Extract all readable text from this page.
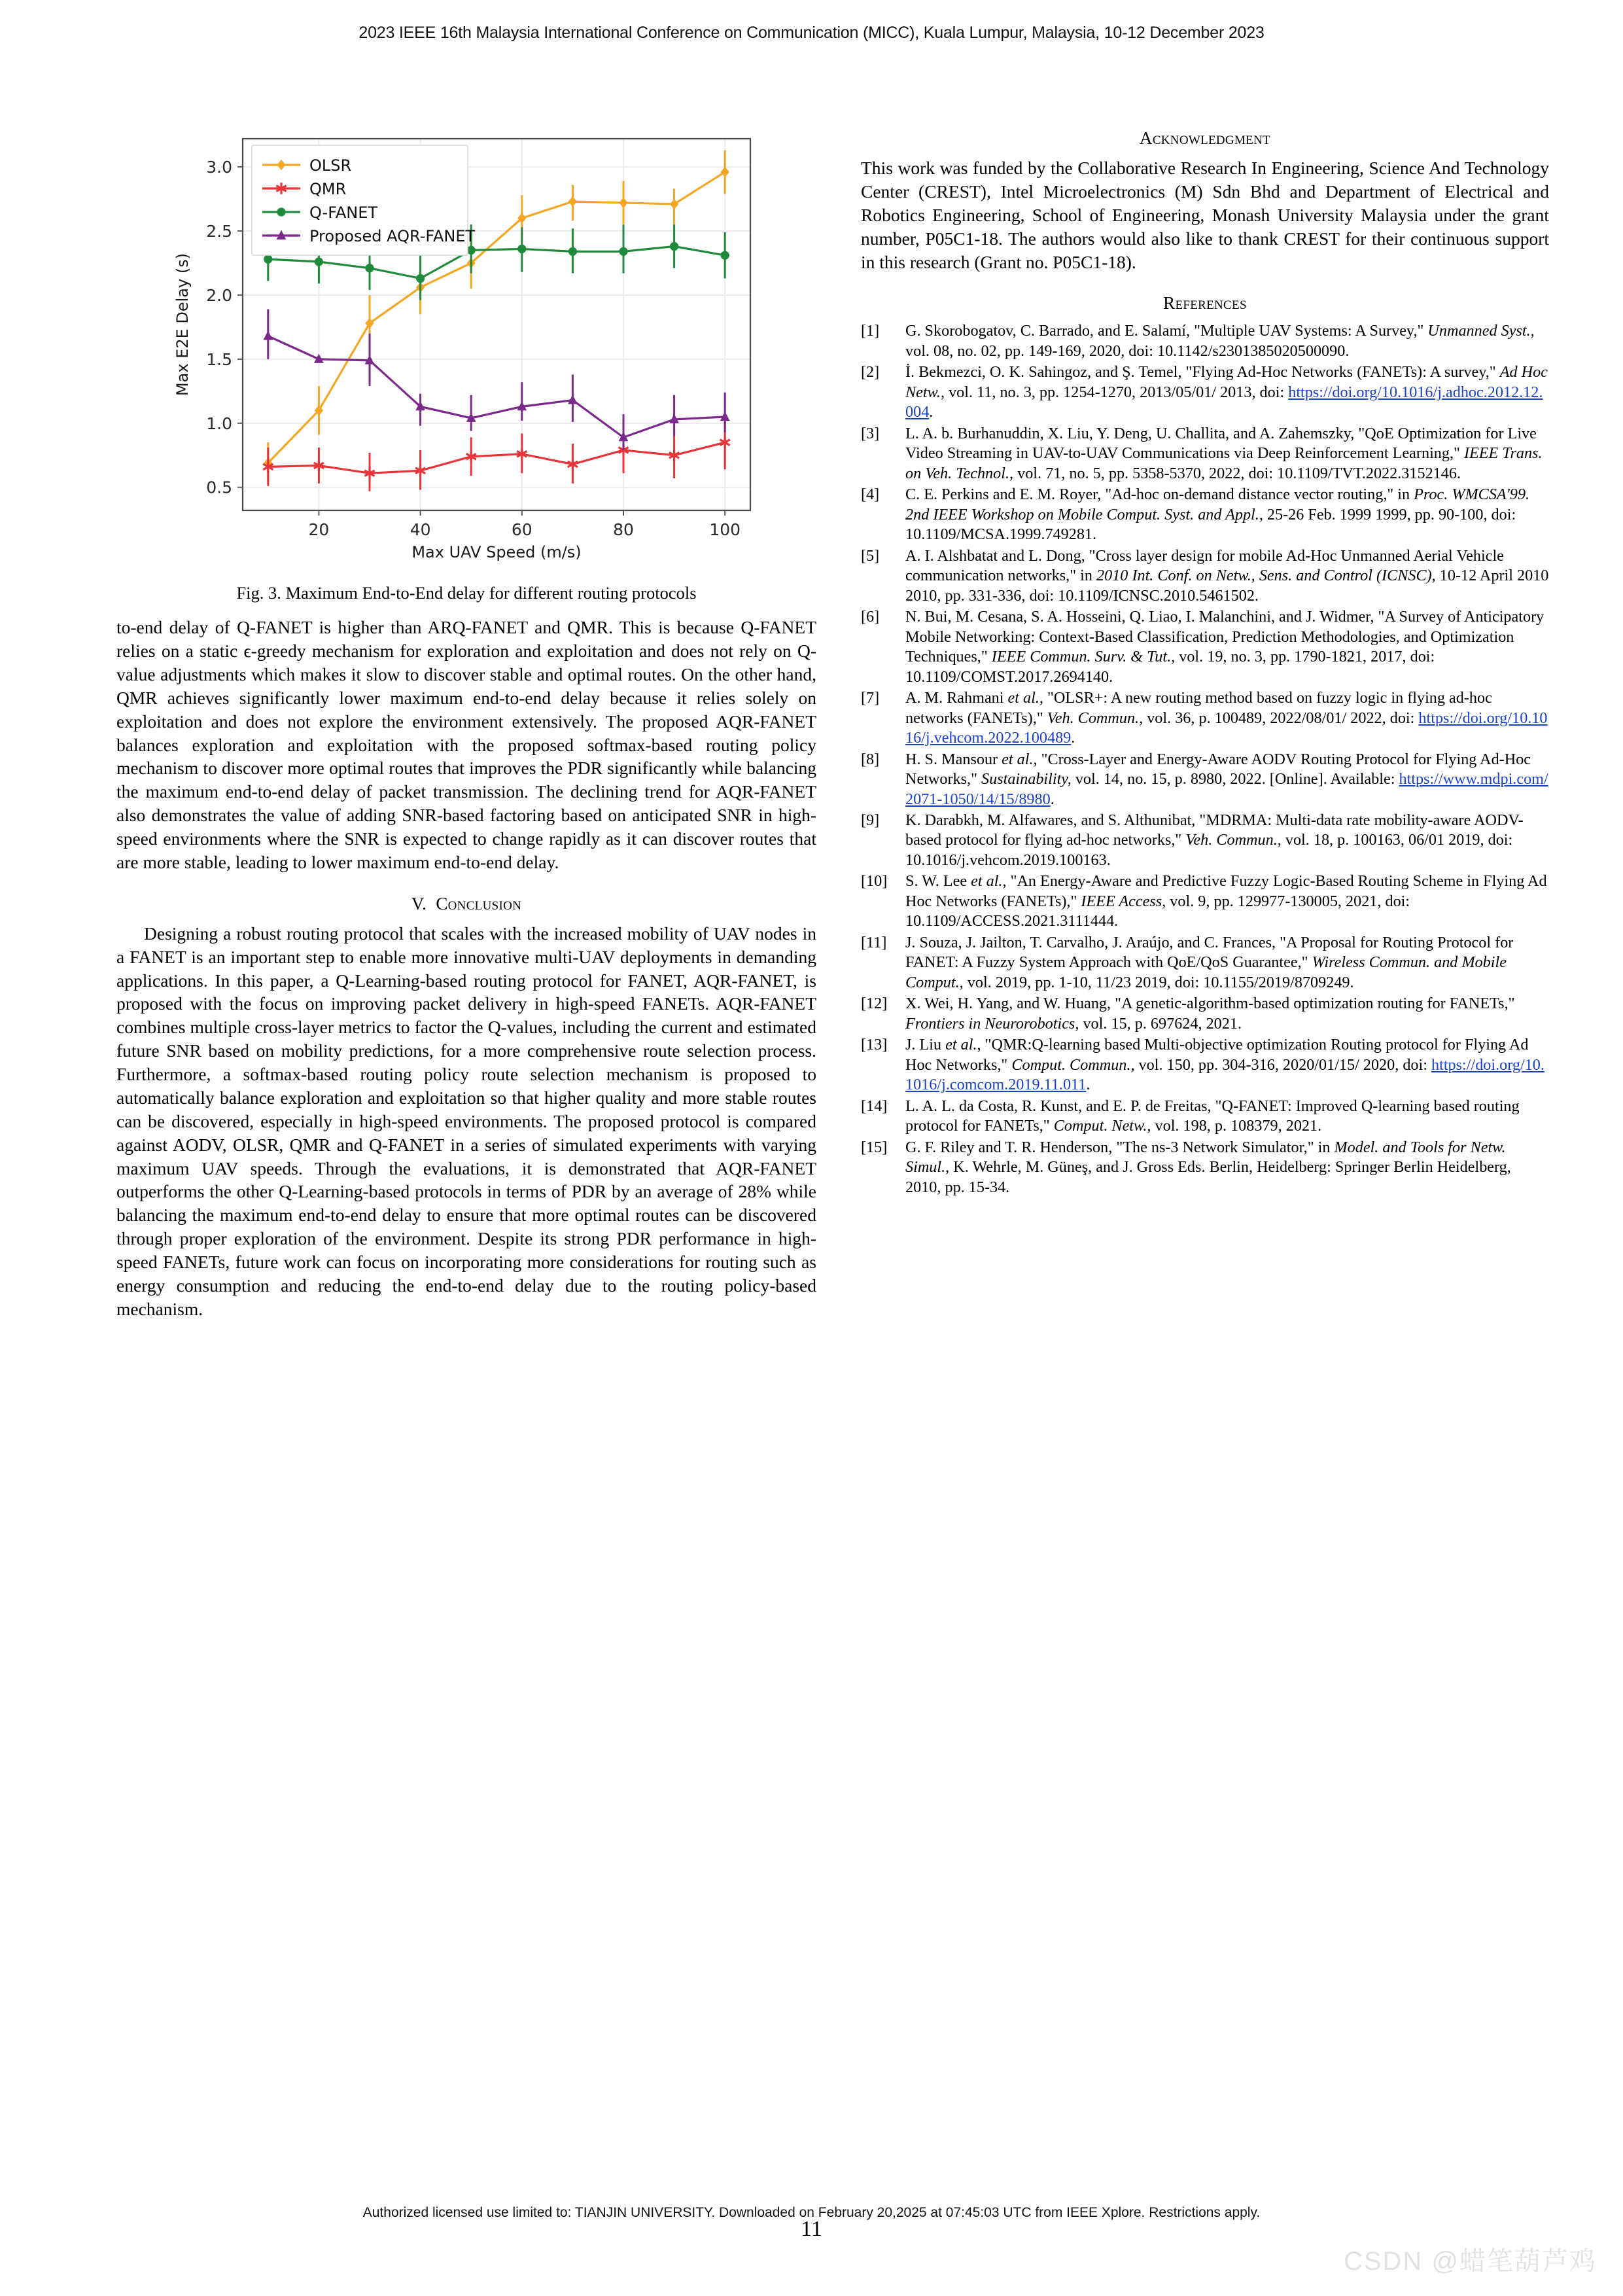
2023 IEEE 16th Malaysia International Conference on Communication (MICC), Kuala Lumpur, Malaysia, 10-12 December 2023
0.5
1.0
1.5
2.0
2.5
3.0
20	40	60	80	100
Max UAV Speed (m/s)
Max E2E Delay (s)
OLSR
QMR
Q-FANET
Proposed AQR-FANET
Fig. 3. Maximum End-to-End delay for different routing protocols

to-end delay of Q-FANET is higher than ARQ-FANET and QMR. This is because Q-FANET relies on a static ϵ-greedy mechanism for exploration and exploitation and does not rely on Q-value adjustments which makes it slow to discover stable and optimal routes. On the other hand, QMR achieves significantly lower maximum end-to-end delay because it relies solely on exploitation and does not explore the environment extensively. The proposed AQR-FANET balances exploration and exploitation with the proposed softmax-based routing policy mechanism to discover more optimal routes that improves the PDR significantly while balancing the maximum end-to-end delay of packet transmission. The declining trend for AQR-FANET also demonstrates the value of adding SNR-based factoring based on anticipated SNR in high-speed environments where the SNR is expected to change rapidly as it can discover routes that are more stable, leading to lower maximum end-to-end delay.

V. Conclusion

Designing a robust routing protocol that scales with the increased mobility of UAV nodes in a FANET is an important step to enable more innovative multi-UAV deployments in demanding applications. In this paper, a Q-Learning-based routing protocol for FANET, AQR-FANET, is proposed with the focus on improving packet delivery in high-speed FANETs. AQR-FANET combines multiple cross-layer metrics to factor the Q-values, including the current and estimated future SNR based on mobility predictions, for a more comprehensive route selection process. Furthermore, a softmax-based routing policy route selection mechanism is proposed to automatically balance exploration and exploitation so that higher quality and more stable routes can be discovered, especially in high-speed environments. The proposed protocol is compared against AODV, OLSR, QMR and Q-FANET in a series of simulated experiments with varying maximum UAV speeds. Through the evaluations, it is demonstrated that AQR-FANET outperforms the other Q-Learning-based protocols in terms of PDR by an average of 28% while balancing the maximum end-to-end delay to ensure that more optimal routes can be discovered through proper exploration of the environment. Despite its strong PDR performance in high-speed FANETs, future work can focus on incorporating more considerations for routing such as energy consumption and reducing the end-to-end delay due to the routing policy-based mechanism.

Acknowledgment

This work was funded by the Collaborative Research In Engineering, Science And Technology Center (CREST), Intel Microelectronics (M) Sdn Bhd and Department of Electrical and Robotics Engineering, School of Engineering, Monash University Malaysia under the grant number, P05C1-18. The authors would also like to thank CREST for their continuous support in this research (Grant no. P05C1-18).

References
[1]	G. Skorobogatov, C. Barrado, and E. Salamí, "Multiple UAV Systems: A Survey," Unmanned Syst., vol. 08, no. 02, pp. 149-169, 2020, doi: 10.1142/s2301385020500090.
[2]	İ. Bekmezci, O. K. Sahingoz, and Ş. Temel, "Flying Ad-Hoc Networks (FANETs): A survey," Ad Hoc Netw., vol. 11, no. 3, pp. 1254-1270, 2013/05/01/ 2013, doi: https://doi.org/10.1016/j.adhoc.2012.12.004.
[3]	L. A. b. Burhanuddin, X. Liu, Y. Deng, U. Challita, and A. Zahemszky, "QoE Optimization for Live Video Streaming in UAV-to-UAV Communications via Deep Reinforcement Learning," IEEE Trans. on Veh. Technol., vol. 71, no. 5, pp. 5358-5370, 2022, doi: 10.1109/TVT.2022.3152146.
[4]	C. E. Perkins and E. M. Royer, "Ad-hoc on-demand distance vector routing," in Proc. WMCSA'99. 2nd IEEE Workshop on Mobile Comput. Syst. and Appl., 25-26 Feb. 1999 1999, pp. 90-100, doi: 10.1109/MCSA.1999.749281.
[5]	A. I. Alshbatat and L. Dong, "Cross layer design for mobile Ad-Hoc Unmanned Aerial Vehicle communication networks," in 2010 Int. Conf. on Netw., Sens. and Control (ICNSC), 10-12 April 2010 2010, pp. 331-336, doi: 10.1109/ICNSC.2010.5461502.
[6]	N. Bui, M. Cesana, S. A. Hosseini, Q. Liao, I. Malanchini, and J. Widmer, "A Survey of Anticipatory Mobile Networking: Context-Based Classification, Prediction Methodologies, and Optimization Techniques," IEEE Commun. Surv. & Tut., vol. 19, no. 3, pp. 1790-1821, 2017, doi: 10.1109/COMST.2017.2694140.
[7]	A. M. Rahmani et al., "OLSR+: A new routing method based on fuzzy logic in flying ad-hoc networks (FANETs)," Veh. Commun., vol. 36, p. 100489, 2022/08/01/ 2022, doi: https://doi.org/10.1016/j.vehcom.2022.100489.
[8]	H. S. Mansour et al., "Cross-Layer and Energy-Aware AODV Routing Protocol for Flying Ad-Hoc Networks," Sustainability, vol. 14, no. 15, p. 8980, 2022. [Online]. Available: https://www.mdpi.com/2071-1050/14/15/8980.
[9]	K. Darabkh, M. Alfawares, and S. Althunibat, "MDRMA: Multi-data rate mobility-aware AODV-based protocol for flying ad-hoc networks," Veh. Commun., vol. 18, p. 100163, 06/01 2019, doi: 10.1016/j.vehcom.2019.100163.
[10]	S. W. Lee et al., "An Energy-Aware and Predictive Fuzzy Logic-Based Routing Scheme in Flying Ad Hoc Networks (FANETs)," IEEE Access, vol. 9, pp. 129977-130005, 2021, doi: 10.1109/ACCESS.2021.3111444.
[11]	J. Souza, J. Jailton, T. Carvalho, J. Araújo, and C. Frances, "A Proposal for Routing Protocol for FANET: A Fuzzy System Approach with QoE/QoS Guarantee," Wireless Commun. and Mobile Comput., vol. 2019, pp. 1-10, 11/23 2019, doi: 10.1155/2019/8709249.
[12]	X. Wei, H. Yang, and W. Huang, "A genetic-algorithm-based optimization routing for FANETs," Frontiers in Neurorobotics, vol. 15, p. 697624, 2021.
[13]	J. Liu et al., "QMR:Q-learning based Multi-objective optimization Routing protocol for Flying Ad Hoc Networks," Comput. Commun., vol. 150, pp. 304-316, 2020/01/15/ 2020, doi: https://doi.org/10.1016/j.comcom.2019.11.011.
[14]	L. A. L. da Costa, R. Kunst, and E. P. de Freitas, "Q-FANET: Improved Q-learning based routing protocol for FANETs," Comput. Netw., vol. 198, p. 108379, 2021.
[15]	G. F. Riley and T. R. Henderson, "The ns-3 Network Simulator," in Model. and Tools for Netw. Simul., K. Wehrle, M. Güneş, and J. Gross Eds. Berlin, Heidelberg: Springer Berlin Heidelberg, 2010, pp. 15-34.
Authorized licensed use limited to: TIANJIN UNIVERSITY. Downloaded on February 20,2025 at 07:45:03 UTC from IEEE Xplore. Restrictions apply.
11
CSDN @蜡笔葫芦鸡
